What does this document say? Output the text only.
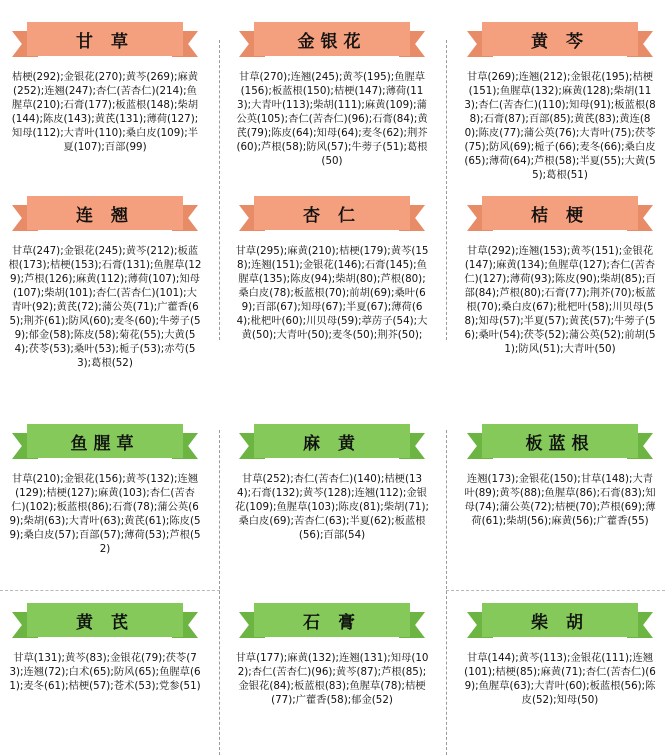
甘 草
桔梗(292);金银花(270);黄芩(269);麻黄(252);连翘(247);杏仁(苦杏仁)(214);鱼腥草(210);石膏(177);板蓝根(148);柴胡(144);陈皮(143);黄芪(131);薄荷(127);知母(112);大青叶(110);桑白皮(109);半夏(107);百部(99)
金银花
甘草(270);连翘(245);黄芩(195);鱼腥草(156);板蓝根(150);桔梗(147);薄荷(113);大青叶(113);柴胡(111);麻黄(109);蒲公英(105);杏仁(苦杏仁)(96);石膏(84);黄芪(79);陈皮(64);知母(64);麦冬(62);荆芥(60);芦根(58);防风(57);牛蒡子(51);葛根(50)
黄 芩
甘草(269);连翘(212);金银花(195);桔梗(151);鱼腥草(132);麻黄(128);柴胡(113);杏仁(苦杏仁)(110);知母(91);板蓝根(88);石膏(87);百部(85);黄芪(83);黄连(80);陈皮(77);蒲公英(76);大青叶(75);茯苓(75);防风(69);栀子(66);麦冬(66);桑白皮(65);薄荷(64);芦根(58);半夏(55);大黄(55);葛根(51)
连 翘
甘草(247);金银花(245);黄芩(212);板蓝根(173);桔梗(153);石膏(131);鱼腥草(129);芦根(126);麻黄(112);薄荷(107);知母(107);柴胡(101);杏仁(苦杏仁)(101);大青叶(92);黄芪(72);蒲公英(71);广藿香(65);荆芥(61);防风(60);麦冬(60);牛蒡子(59);郁金(58);陈皮(58);菊花(55);大黄(54);茯苓(53);桑叶(53);栀子(53);赤芍(53);葛根(52)
杏 仁
甘草(295);麻黄(210);桔梗(179);黄芩(158);连翘(151);金银花(146);石膏(145);鱼腥草(135);陈皮(94);柴胡(80);芦根(80);桑白皮(78);板蓝根(70);前胡(69);桑叶(69);百部(67);知母(67);半夏(67);薄荷(64);枇杷叶(60);川贝母(59);葶苈子(54);大黄(50);大青叶(50);麦冬(50);荆芥(50);
桔 梗
甘草(292);连翘(153);黄芩(151);金银花(147);麻黄(134);鱼腥草(127);杏仁(苦杏仁)(127);薄荷(93);陈皮(90);柴胡(85);百部(84);芦根(80);石膏(77);荆芥(70);板蓝根(70);桑白皮(67);枇杷叶(58);川贝母(58);知母(57);半夏(57);黄芪(57);牛蒡子(56);桑叶(54);茯苓(52);蒲公英(52);前胡(51);防风(51);大青叶(50)
鱼腥草
甘草(210);金银花(156);黄芩(132);连翘(129);桔梗(127);麻黄(103);杏仁(苦杏仁)(102);板蓝根(86);石膏(78);蒲公英(69);柴胡(63);大青叶(63);黄芪(61);陈皮(59);桑白皮(57);百部(57);薄荷(53);芦根(52)
麻 黄
甘草(252);杏仁(苦杏仁)(140);桔梗(134);石膏(132);黄芩(128);连翘(112);金银花(109);鱼腥草(103);陈皮(81);柴胡(71);桑白皮(69);苦杏仁(63);半夏(62);板蓝根(56);百部(54)
板蓝根
连翘(173);金银花(150);甘草(148);大青叶(89);黄芩(88);鱼腥草(86);石膏(83);知母(74);蒲公英(72);桔梗(70);芦根(69);薄荷(61);柴胡(56);麻黄(56);广藿香(55)
黄 芪
甘草(131);黄芩(83);金银花(79);茯苓(73);连翘(72);白术(65);防风(65);鱼腥草(61);麦冬(61);桔梗(57);苍术(53);党参(51)
石 膏
甘草(177);麻黄(132);连翘(131);知母(102);杏仁(苦杏仁)(96);黄芩(87);芦根(85);金银花(84);板蓝根(83);鱼腥草(78);桔梗(77);广藿香(58);郁金(52)
柴 胡
甘草(144);黄芩(113);金银花(111);连翘(101);桔梗(85);麻黄(71);杏仁(苦杏仁)(69);鱼腥草(63);大青叶(60);板蓝根(56);陈皮(52);知母(50)
